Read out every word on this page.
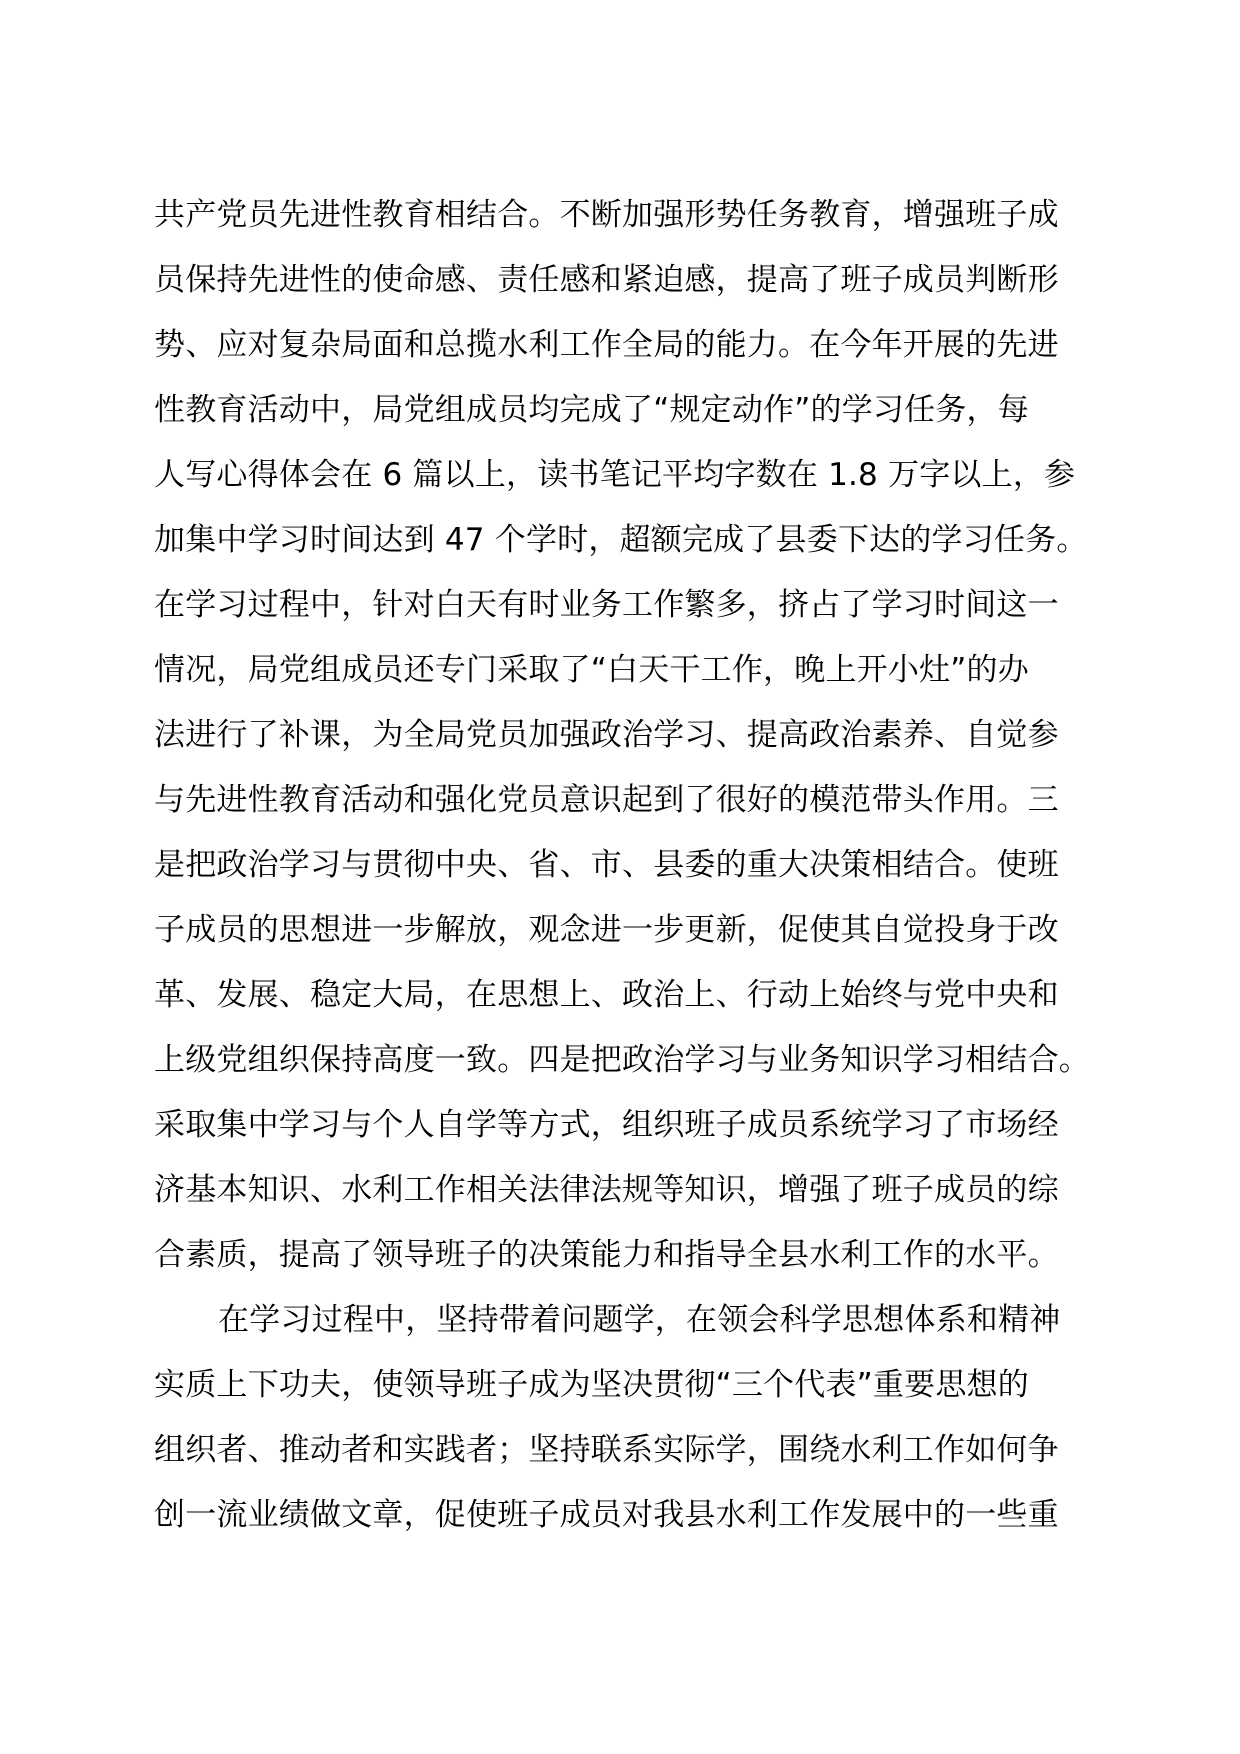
共产党员先进性教育相结合。不断加强形势任务教育，增强班子成
员保持先进性的使命感、责任感和紧迫感，提高了班子成员判断形
势、应对复杂局面和总揽水利工作全局的能力。在今年开展的先进
性教育活动中，局党组成员均完成了“规定动作”的学习任务，每
人写心得体会在 6 篇以上，读书笔记平均字数在 1.8 万字以上，参
加集中学习时间达到 47 个学时，超额完成了县委下达的学习任务。
在学习过程中，针对白天有时业务工作繁多，挤占了学习时间这一
情况，局党组成员还专门采取了“白天干工作，晚上开小灶”的办
法进行了补课，为全局党员加强政治学习、提高政治素养、自觉参
与先进性教育活动和强化党员意识起到了很好的模范带头作用。三
是把政治学习与贯彻中央、省、市、县委的重大决策相结合。使班
子成员的思想进一步解放，观念进一步更新，促使其自觉投身于改
革、发展、稳定大局，在思想上、政治上、行动上始终与党中央和
上级党组织保持高度一致。四是把政治学习与业务知识学习相结合。
采取集中学习与个人自学等方式，组织班子成员系统学习了市场经
济基本知识、水利工作相关法律法规等知识，增强了班子成员的综
合素质，提高了领导班子的决策能力和指导全县水利工作的水平。
在学习过程中，坚持带着问题学，在领会科学思想体系和精神
实质上下功夫，使领导班子成为坚决贯彻“三个代表”重要思想的
组织者、推动者和实践者；坚持联系实际学，围绕水利工作如何争
创一流业绩做文章，促使班子成员对我县水利工作发展中的一些重
